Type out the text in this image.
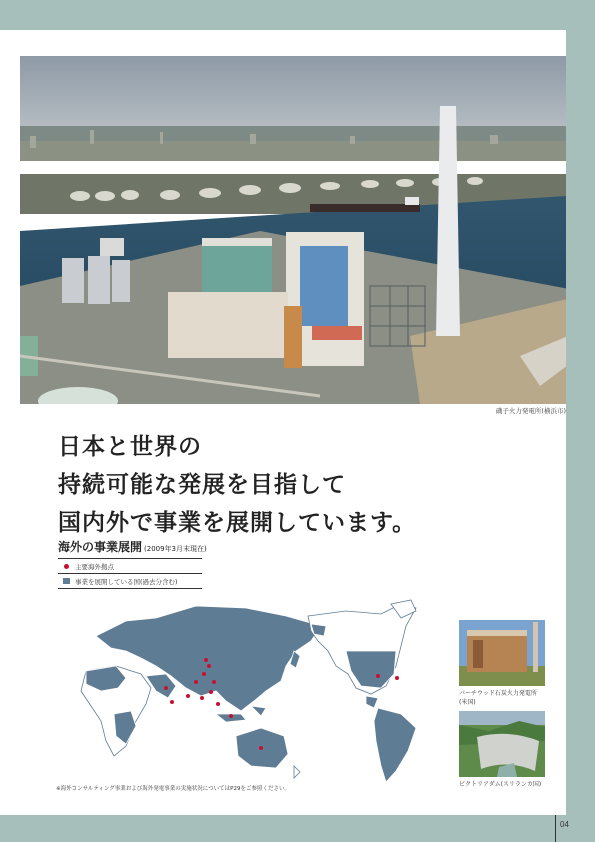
04
磯子火力発電所(横浜市)
日本と世界の
持続可能な発展を目指して
国内外で事業を展開しています。
海外の事業展開 (2009年3月末現在)
主要海外拠点
事業を展開している国(過去分含む)
※海外コンサルティング事業および海外発電事業の実施状況についてはP29をご参照ください。
バーチウッド石炭火力発電所
(米国)
ビクトリアダム(スリランカ国)
